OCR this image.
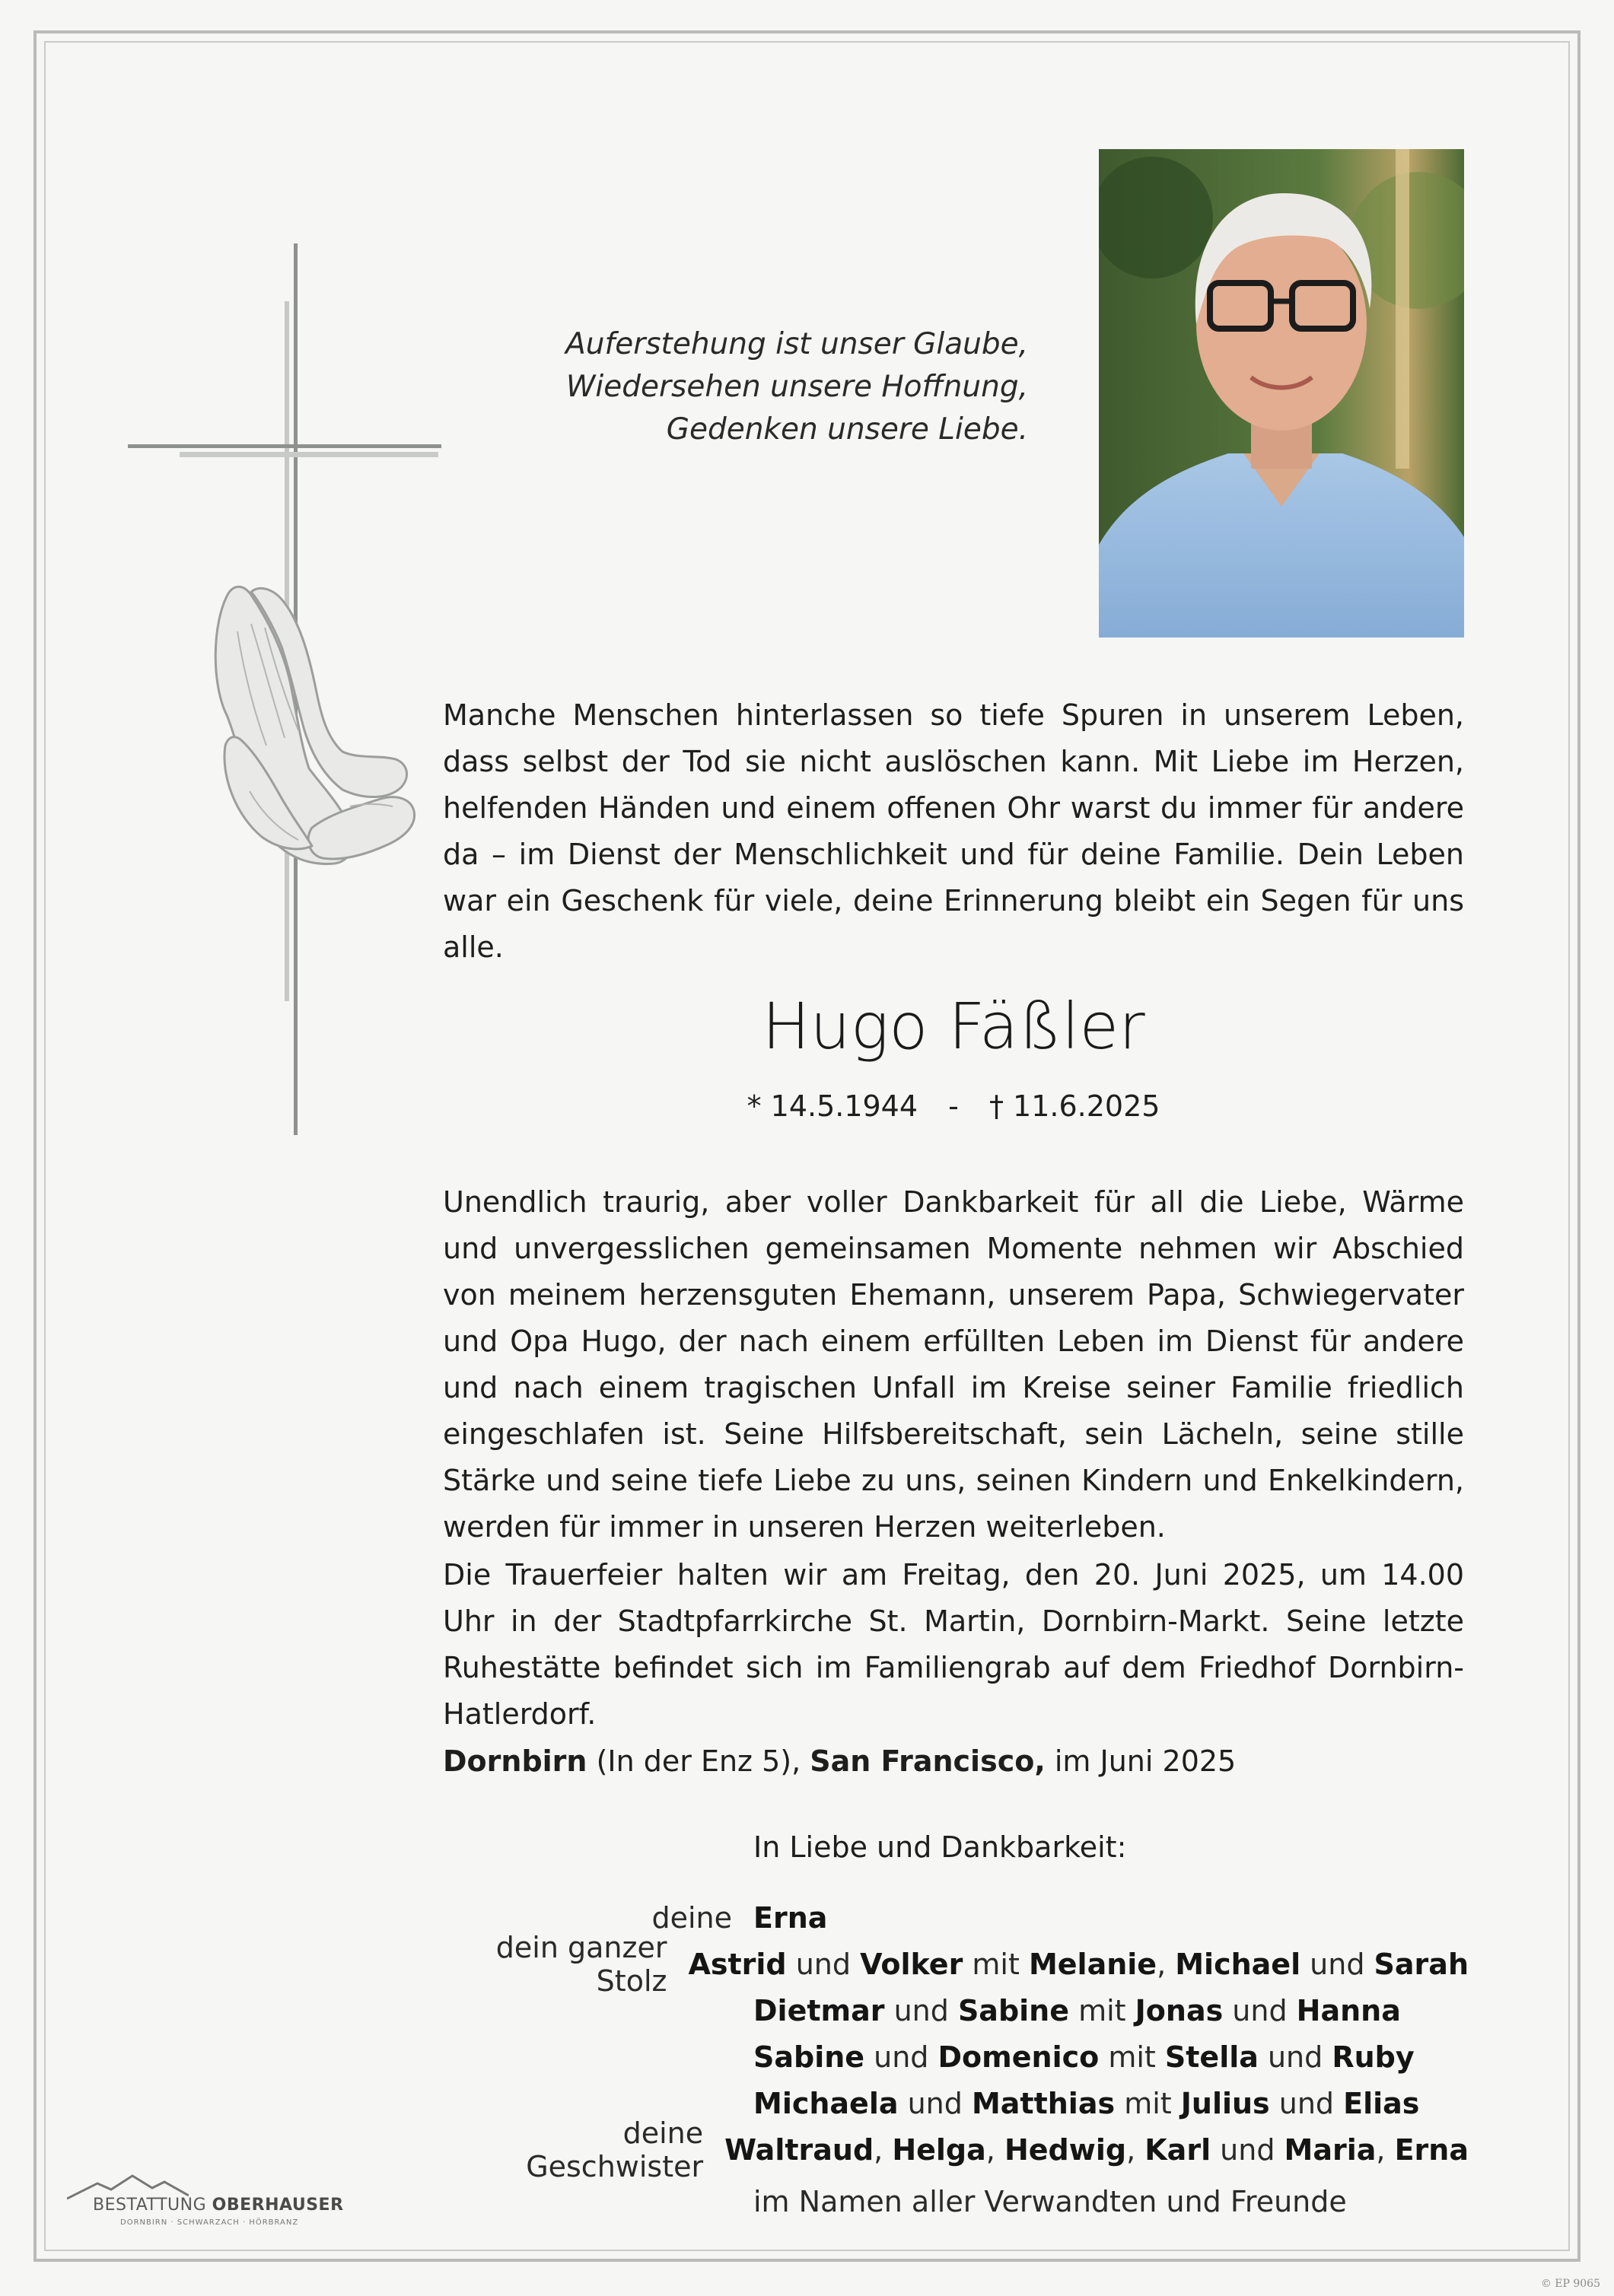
Auferstehung ist unser Glaube,
Wiedersehen unsere Hoffnung,
Gedenken unsere Liebe.
Manche Menschen hinterlassen so tiefe Spuren in unserem Leben, dass selbst der Tod sie nicht auslöschen kann. Mit Liebe im Herzen, helfenden Händen und einem offenen Ohr warst du immer für andere da – im Dienst der Menschlichkeit und für deine Familie. Dein Leben war ein Geschenk für viele, deine Erinnerung bleibt ein Segen für uns alle.
Hugo Fäßler
* 14.5.1944 - † 11.6.2025
Unendlich traurig, aber voller Dankbarkeit für all die Liebe, Wärme und unvergesslichen gemeinsamen Momente nehmen wir Abschied von meinem herzensguten Ehemann, unserem Papa, Schwiegervater und Opa Hugo, der nach einem erfüllten Leben im Dienst für andere und nach einem tragischen Unfall im Kreise seiner Familie friedlich eingeschlafen ist. Seine Hilfsbereitschaft, sein Lächeln, seine stille Stärke und seine tiefe Liebe zu uns, seinen Kindern und Enkelkindern, werden für immer in unseren Herzen weiterleben.
Die Trauerfeier halten wir am Freitag, den 20. Juni 2025, um 14.00 Uhr in der Stadtpfarrkirche St. Martin, Dornbirn-Markt. Seine letzte Ruhestätte befindet sich im Familiengrab auf dem Friedhof Dornbirn-Hatlerdorf.
Dornbirn (In der Enz 5), San Francisco, im Juni 2025
In Liebe und Dankbarkeit:
deine Erna
dein ganzer Stolz Astrid und Volker mit Melanie, Michael und Sarah
Dietmar und Sabine mit Jonas und Hanna
Sabine und Domenico mit Stella und Ruby
Michaela und Matthias mit Julius und Elias
deine Geschwister Waltraud, Helga, Hedwig, Karl und Maria, Erna
im Namen aller Verwandten und Freunde
BESTATTUNG OBERHAUSER
DORNBIRN · SCHWARZACH · HÖRBRANZ
© EP 9065
